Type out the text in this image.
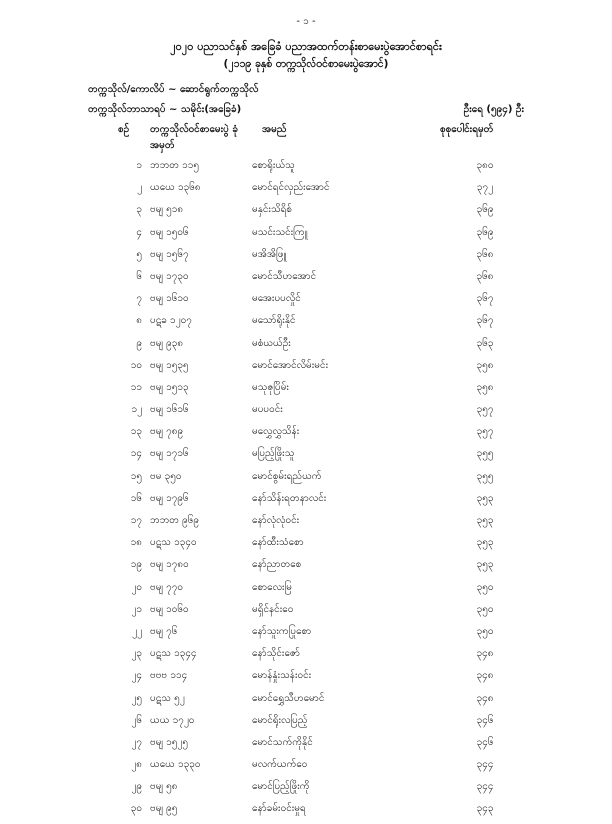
- ၁ -
၂၀၂၀ ပညာသင်နှစ် အခြေခံ ပညာအထက်တန်းစာမေးပွဲအောင်စာရင်း
(၂၁၁၉ ခုနှစ် တက္ကသိုလ်ဝင်စာမေးပွဲအောင်)
တက္ကသိုလ်/ကောလိပ် ~ ဆောင်ရွက်တက္ကသိုလ်
တက္ကသိုလ်ဘာသာရပ် ~ သမိုင်း(အခြေခံ)	ဦးရေ (၅၉၄) ဦး
စဉ် တက္ကသိုလ်ဝင်စာမေးပွဲ ခုံအမှတ်
အမည်	စုစုပေါင်းရမှတ်
၁ ဘဘတ ၁၁၅	စောရိုးယ်သူ	၃၈၀
၂ ယယေ ၁၃၆၈	မောင်ရင်လှည်းအောင်	၃၇၂
၃ ဗမျ ၅၁၈	မနှင်းသိရိစ်	၃၆၉
၄ ဗမျ ၁၅၀၆	မသင်းသင်းကြူ	၃၆၉
၅ ဗမျ ၁၅၆၇	မအိအိဖြူ	၃၆၈
၆ ဗမျ ၁၇၃၀	မောင်သီဟအောင်	၃၆၈
၇ ဗမျ ၁၆၁၀	မအေးပပလှိုင်	၃၆၇
၈ ပဋခ ၁၂၀၇	မသော်ရိုးနိုင်	၃၆၇
၉ ဗမျ ၉၃၈	မစံယယ်ဦး	၃၆၃
၁၀ ဗမျ ၁၅၃၅	မောင်အောင်လိမ်းမင်း	၃၅၈
၁၁ ဗမျ ၁၅၁၃	မသုဇုပြိမ်း	၃၅၈
၁၂ ဗမျ ၁၆၁၆	မပပဝင်း	၃၅၇
၁၃ ဗမျ ၇၈၉	မလွှေလွှသိန်း	၃၅၇
၁၄ ဗမျ ၁၇၁၆	မပြည့်ဖြိုးသူ	၃၅၅
၁၅ ဗမ ၃၅၀	မောင်စွမ်းရည်ယက်	၃၅၅
၁၆ ဗမျ ၁၇၉၆	နော်သိန်းရတနာလင်း	၃၅၃
၁၇ ဘဘတ ၉၆၉	နော်လုံလုံဝင်း	၃၅၃
၁၈ ပဋသ ၁၃၄၀	နော်ထီးသံစော	၃၅၃
၁၉ ဗမျ ၁၇၈၀	နော်ညာတစေ	၃၅၃
၂၀ ဗမျ ၇၇၀	စောလေးမြ	၃၅၀
၂၁ ဗမျ ၁၀၆၀	မရှိင်နင်းဝေ	၃၅၀
၂၂ ဗမျ ၇၆	နော်သူးကပြုစော	၃၅၀
၂၃ ပဋသ ၁၃၄၄	နော်သိုင်းဇော်	၃၄၈
၂၄ ဗဗဗ ၁၁၄	မောန်နှုံးသန်းဝင်း	၃၄၈
၂၅ ပဋသ ၅၂	မောင်ရွှေသီဟမောင်	၃၄၈
၂၆ ယယ ၁၇၂၀	မောင်ရိုးလပြည့်	၃၄၆
၂၇ ဗမျ ၁၅၂၅	မောင်သက်ကိုနိုင်	၃၄၆
၂၈ ယယေ ၁၃၃၀	မလက်ယက်ဝေ	၃၄၄
၂၉ ဗမျ ၅၈	မောင်ပြည့်ဖြိုးကို	၃၄၄
၃၀ ဗမျ ၉၅	နော်ခမ်းဝင်းမှုရ	၃၄၃
